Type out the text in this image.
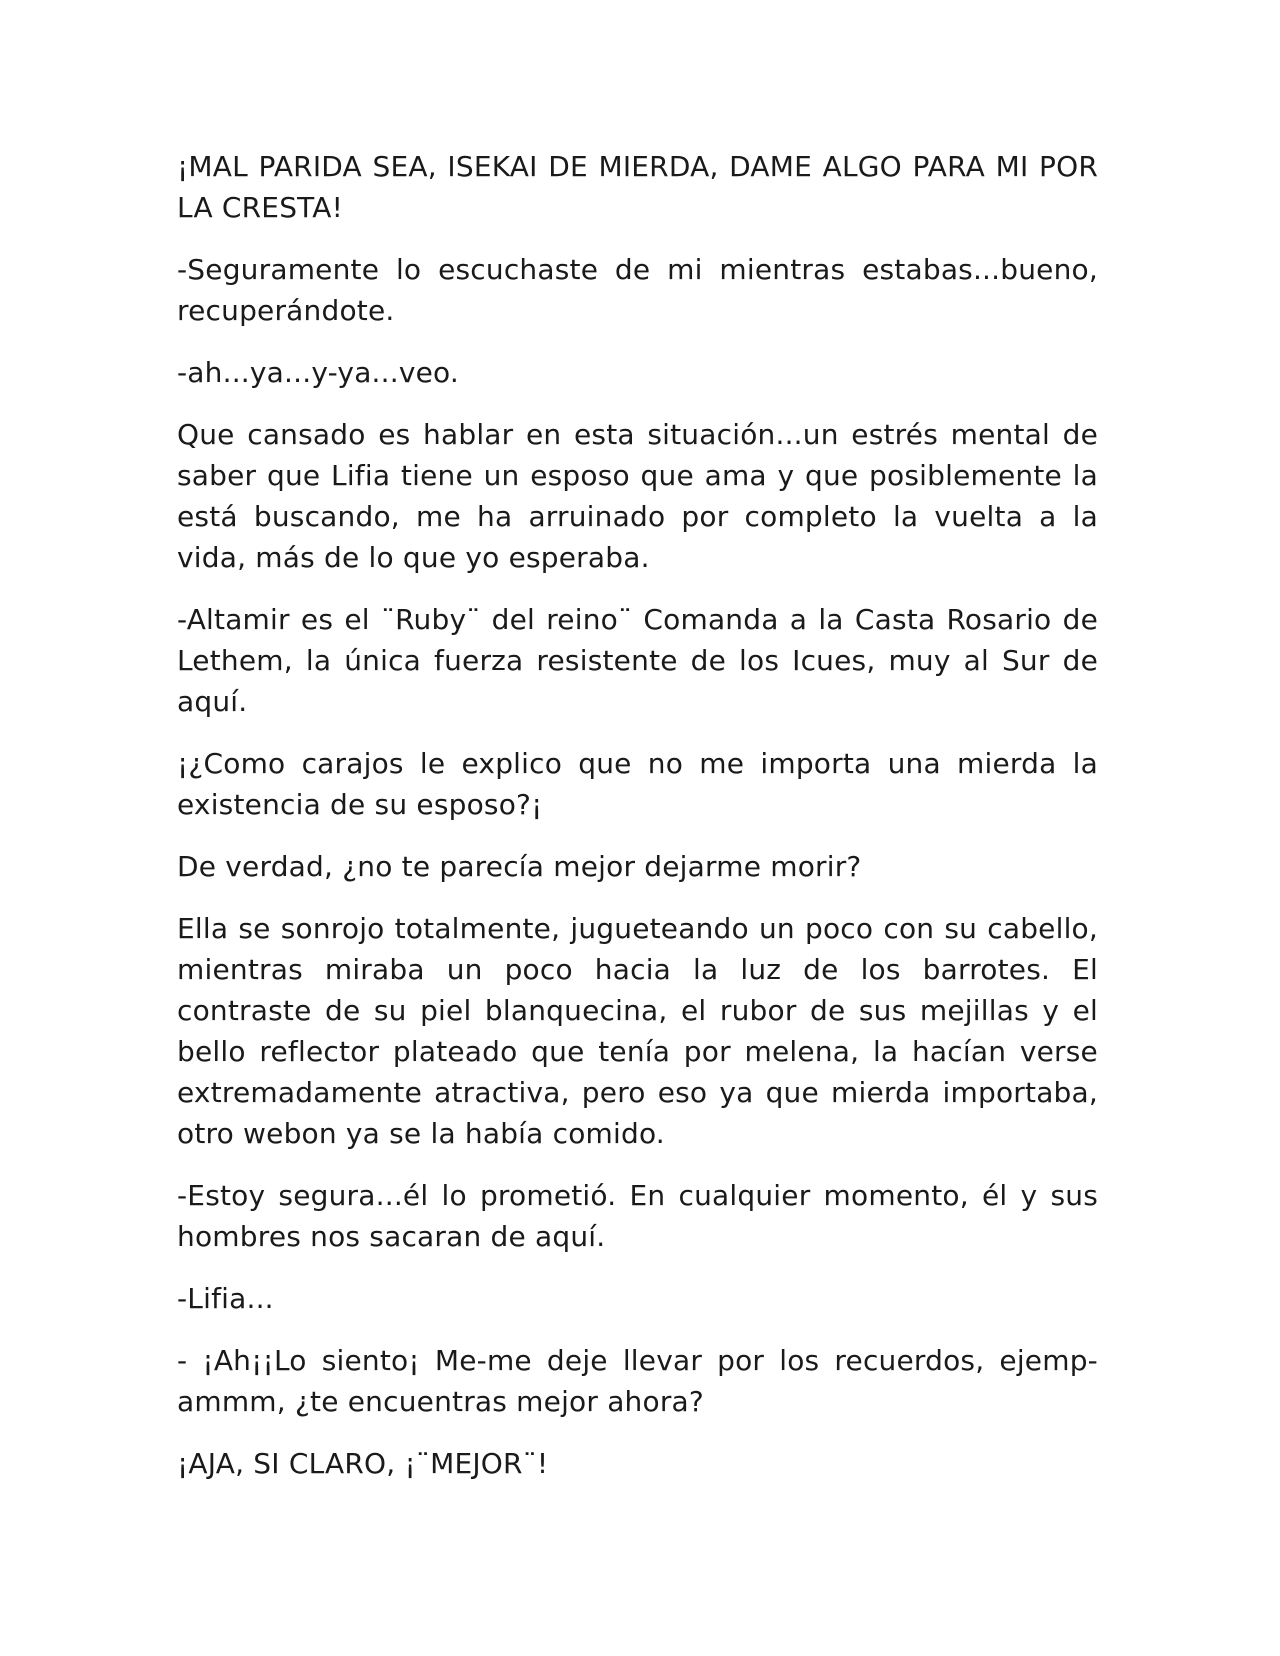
¡MAL PARIDA SEA, ISEKAI DE MIERDA, DAME ALGO PARA MI POR LA CRESTA!

-Seguramente lo escuchaste de mi mientras estabas...bueno, recuperándote.

-ah...ya...y-ya...veo.

Que cansado es hablar en esta situación...un estrés mental de saber que Lifia tiene un esposo que ama y que posiblemente la está buscando, me ha arruinado por completo la vuelta a la vida, más de lo que yo esperaba.

-Altamir es el ¨Ruby¨ del reino¨ Comanda a la Casta Rosario de Lethem, la única fuerza resistente de los Icues, muy al Sur de aquí.

¡¿Como carajos le explico que no me importa una mierda la existencia de su esposo?¡

De verdad, ¿no te parecía mejor dejarme morir?

Ella se sonrojo totalmente, jugueteando un poco con su cabello, mientras miraba un poco hacia la luz de los barrotes. El contraste de su piel blanquecina, el rubor de sus mejillas y el bello reflector plateado que tenía por melena, la hacían verse extremadamente atractiva, pero eso ya que mierda importaba, otro webon ya se la había comido.

-Estoy segura...él lo prometió. En cualquier momento, él y sus hombres nos sacaran de aquí.

-Lifia...

- ¡Ah¡¡Lo siento¡ Me-me deje llevar por los recuerdos, ejemp-ammm, ¿te encuentras mejor ahora?

¡AJA, SI CLARO, ¡¨MEJOR¨!
